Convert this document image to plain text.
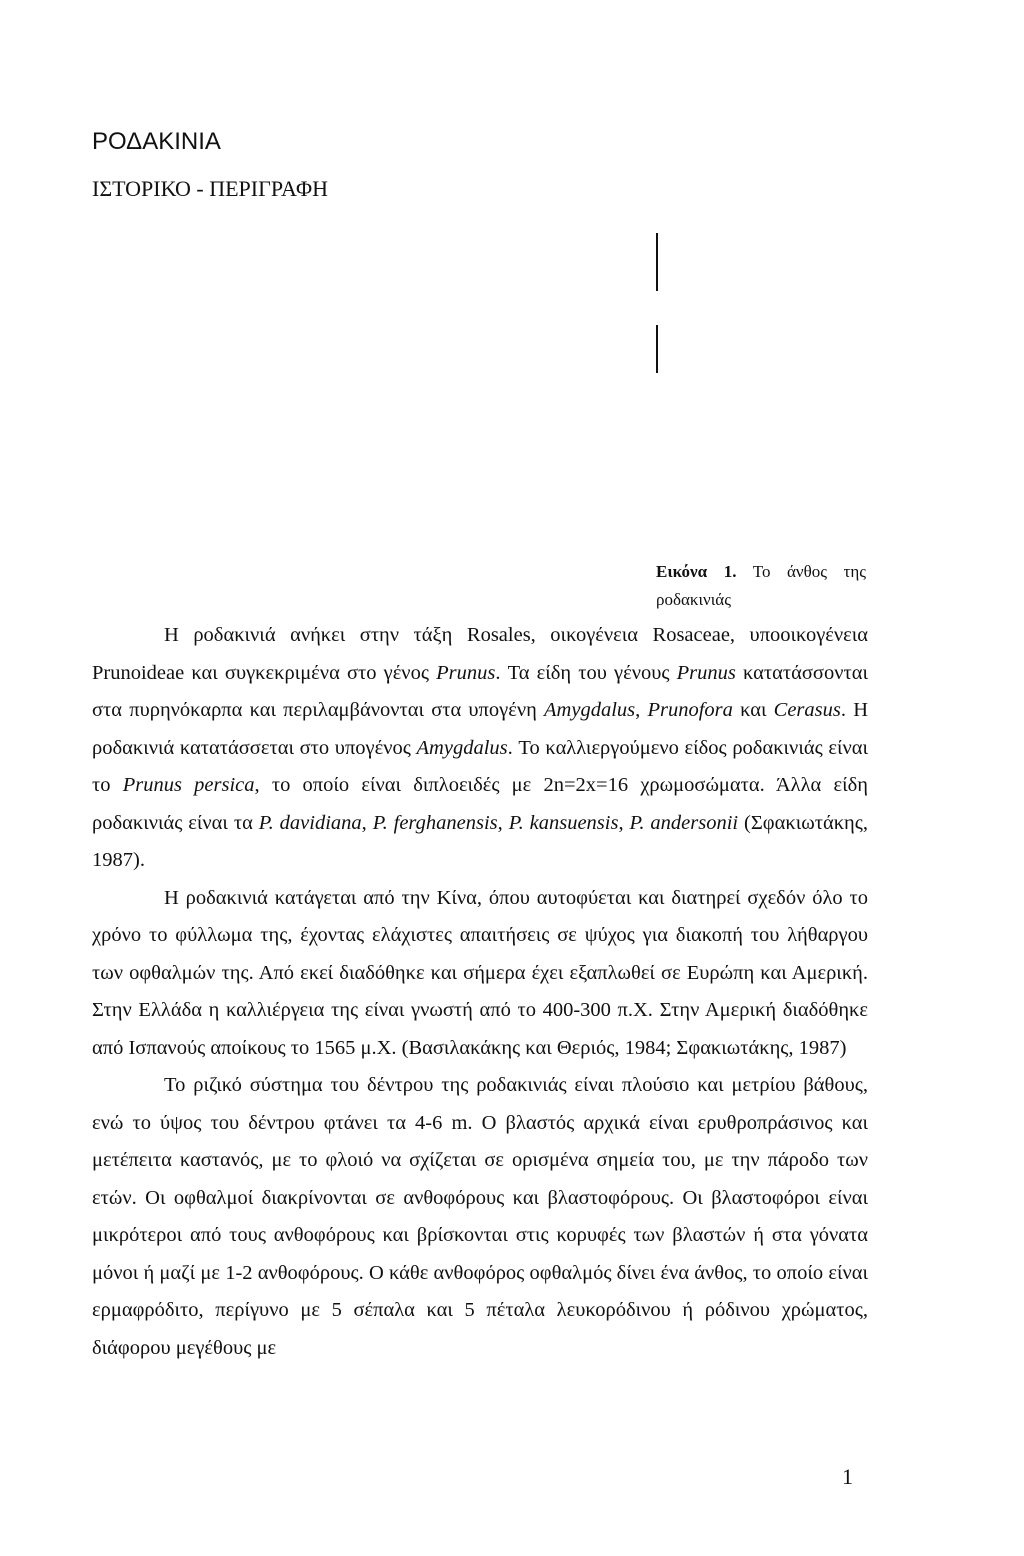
ΡΟΔΑΚΙΝΙΑ
ΙΣΤΟΡΙΚΟ - ΠΕΡΙΓΡΑΦΗ
Εικόνα 1. Το άνθος της ροδακινιάς

Η ροδακινιά ανήκει στην τάξη Rosales, οικογένεια Rosaceae, υποοικογένεια Prunoideae και συγκεκριμένα στο γένος Prunus. Τα είδη του γένους Prunus κατατάσσονται στα πυρηνόκαρπα και περιλαμβάνονται στα υπογένη Amygdalus, Prunofora και Cerasus. Η ροδακινιά κατατάσσεται στο υπογένος Amygdalus. Το καλλιεργούμενο είδος ροδακινιάς είναι το Prunus persica, το οποίο είναι διπλοειδές με 2n=2x=16 χρωμοσώματα. Άλλα είδη ροδακινιάς είναι τα P. davidiana, P. ferghanensis, P. kansuensis, P. andersonii (Σφακιωτάκης, 1987).

Η ροδακινιά κατάγεται από την Κίνα, όπου αυτοφύεται και διατηρεί σχεδόν όλο το χρόνο το φύλλωμα της, έχοντας ελάχιστες απαιτήσεις σε ψύχος για διακοπή του λήθαργου των οφθαλμών της. Από εκεί διαδόθηκε και σήμερα έχει εξαπλωθεί σε Ευρώπη και Αμερική. Στην Ελλάδα η καλλιέργεια της είναι γνωστή από το 400-300 π.Χ. Στην Αμερική διαδόθηκε από Ισπανούς αποίκους το 1565 μ.Χ. (Βασιλακάκης και Θεριός, 1984; Σφακιωτάκης, 1987)

Το ριζικό σύστημα του δέντρου της ροδακινιάς είναι πλούσιο και μετρίου βάθους, ενώ το ύψος του δέντρου φτάνει τα 4-6 m. Ο βλαστός αρχικά είναι ερυθροπράσινος και μετέπειτα καστανός, με το φλοιό να σχίζεται σε ορισμένα σημεία του, με την πάροδο των ετών. Οι οφθαλμοί διακρίνονται σε ανθοφόρους και βλαστοφόρους. Οι βλαστοφόροι είναι μικρότεροι από τους ανθοφόρους και βρίσκονται στις κορυφές των βλαστών ή στα γόνατα μόνοι ή μαζί με 1-2 ανθοφόρους. Ο κάθε ανθοφόρος οφθαλμός δίνει ένα άνθος, το οποίο είναι ερμαφρόδιτο, περίγυνο με 5 σέπαλα και 5 πέταλα λευκορόδινου ή ρόδινου χρώματος, διάφορου μεγέθους με

1
